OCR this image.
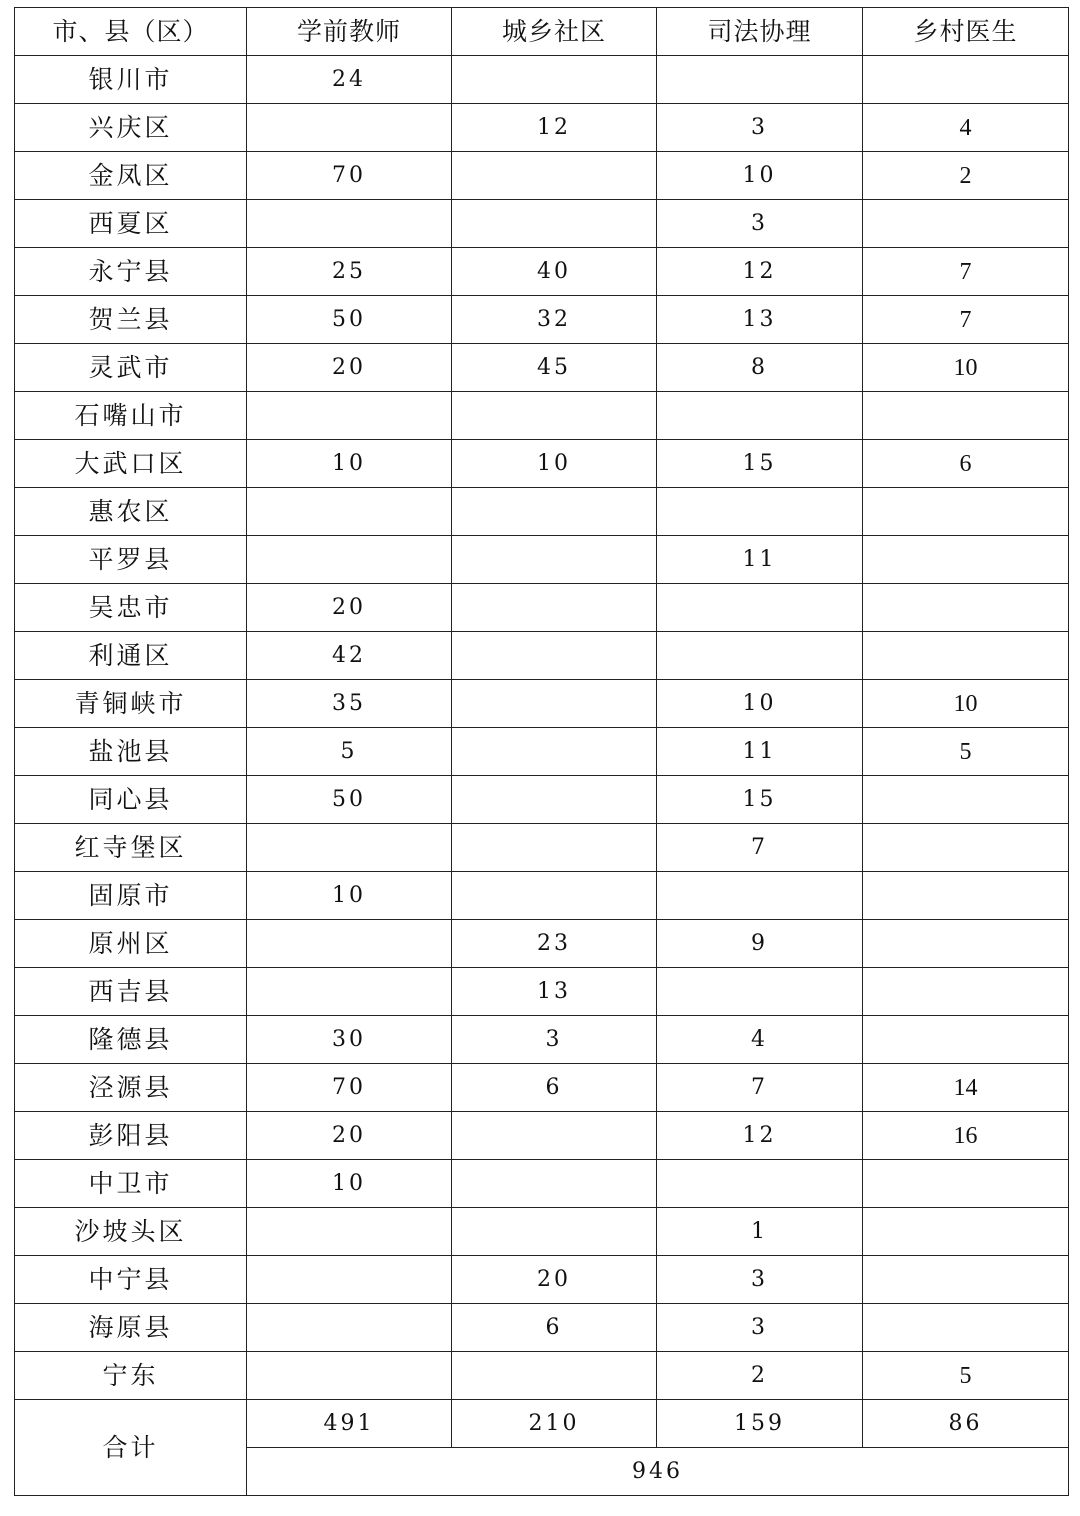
市、县（区）	学前教师	城乡社区	司法协理	乡村医生
银川市	24			
兴庆区		12	3	4
金凤区	70		10	2
西夏区			3	
永宁县	25	40	12	7
贺兰县	50	32	13	7
灵武市	20	45	8	10
石嘴山市				
大武口区	10	10	15	6
惠农区				
平罗县			11	
吴忠市	20			
利通区	42			
青铜峡市	35		10	10
盐池县	5		11	5
同心县	50		15	
红寺堡区			7	
固原市	10			
原州区		23	9	
西吉县		13		
隆德县	30	3	4	
泾源县	70	6	7	14
彭阳县	20		12	16
中卫市	10			
沙坡头区			1	
中宁县		20	3	
海原县		6	3	
宁东			2	5
合计	491	210	159	86
	946			
